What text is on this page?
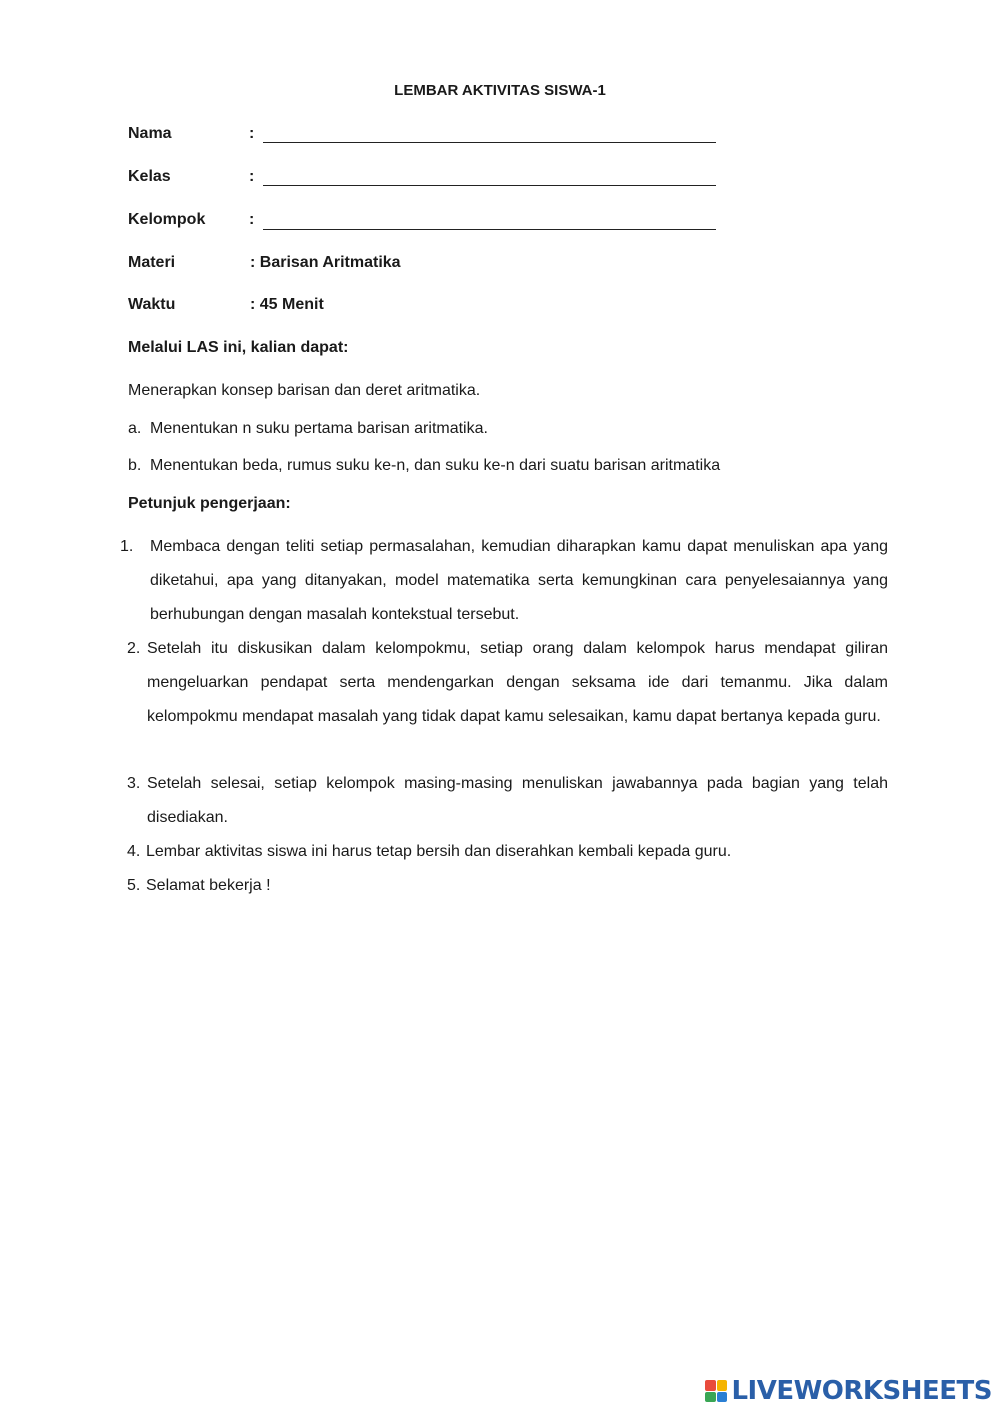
LEMBAR AKTIVITAS SISWA-1
Nama	:
Kelas	:
Kelompok	:
Materi	: Barisan Aritmatika
Waktu	: 45 Menit
Melalui LAS ini, kalian dapat:
Menerapkan konsep barisan dan deret aritmatika.
a. Menentukan n suku pertama barisan aritmatika.
b. Menentukan beda, rumus suku ke-n, dan suku ke-n dari suatu barisan aritmatika
Petunjuk pengerjaan:
1. Membaca dengan teliti setiap permasalahan, kemudian diharapkan kamu dapat menuliskan apa yang diketahui, apa yang ditanyakan, model matematika serta kemungkinan cara penyelesaiannya yang berhubungan dengan masalah kontekstual tersebut.
2. Setelah itu diskusikan dalam kelompokmu, setiap orang dalam kelompok harus mendapat giliran mengeluarkan pendapat serta mendengarkan dengan seksama ide dari temanmu. Jika dalam kelompokmu mendapat masalah yang tidak dapat kamu selesaikan, kamu dapat bertanya kepada guru.
3. Setelah selesai, setiap kelompok masing-masing menuliskan jawabannya pada bagian yang telah disediakan.
4. Lembar aktivitas siswa ini harus tetap bersih dan diserahkan kembali kepada guru.
5. Selamat bekerja !
LIVEWORKSHEETS
